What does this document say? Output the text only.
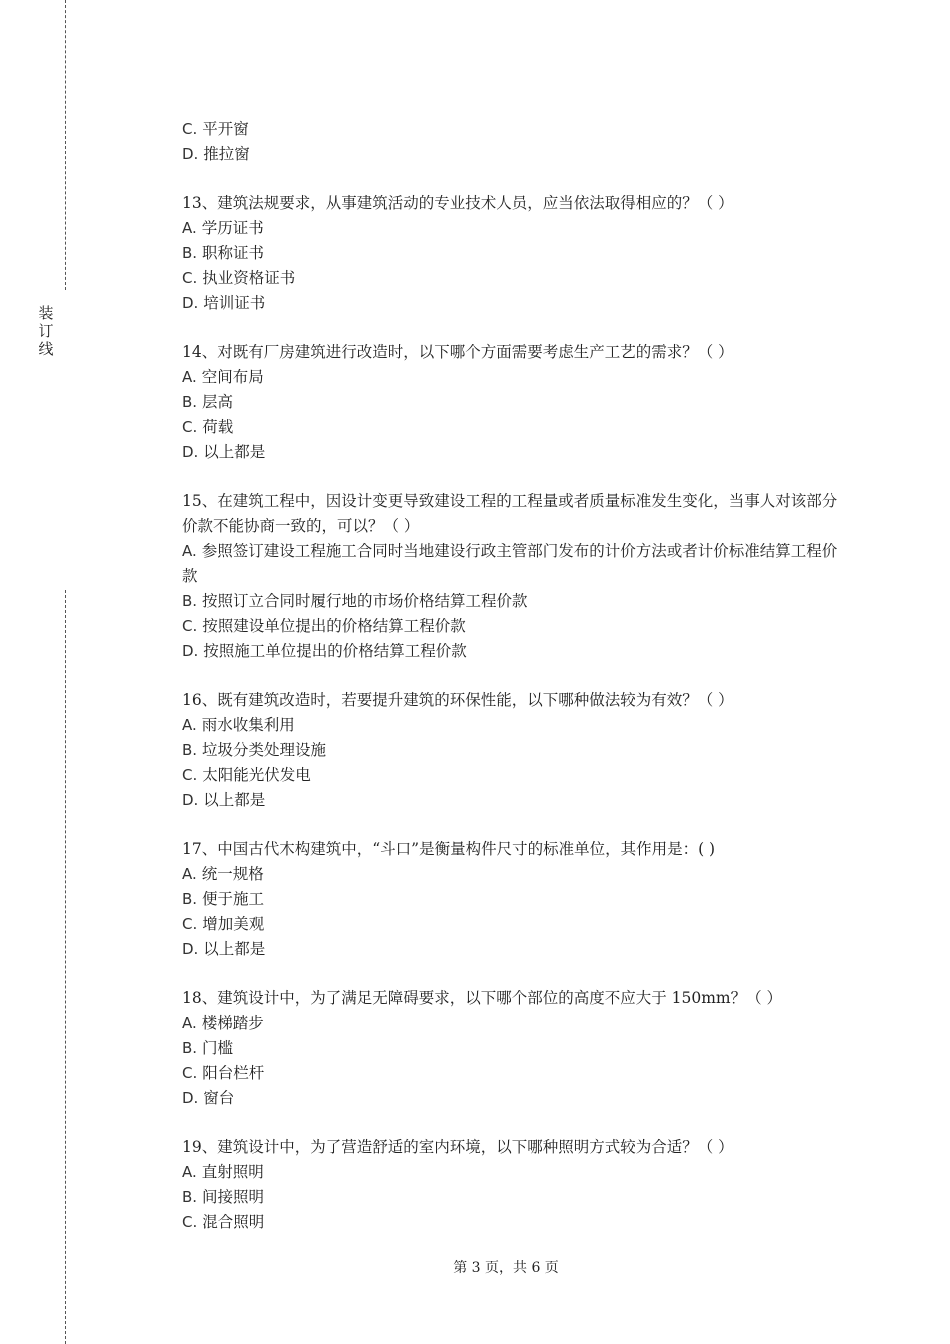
装
订
线
C. 平开窗
D. 推拉窗
13、建筑法规要求，从事建筑活动的专业技术人员，应当依法取得相应的？（ ）
A. 学历证书
B. 职称证书
C. 执业资格证书
D. 培训证书
14、对既有厂房建筑进行改造时，以下哪个方面需要考虑生产工艺的需求？（ ）
A. 空间布局
B. 层高
C. 荷载
D. 以上都是
15、在建筑工程中，因设计变更导致建设工程的工程量或者质量标准发生变化，当事人对该部分价款不能协商一致的，可以？（ ）
A. 参照签订建设工程施工合同时当地建设行政主管部门发布的计价方法或者计价标准结算工程价款
B. 按照订立合同时履行地的市场价格结算工程价款
C. 按照建设单位提出的价格结算工程价款
D. 按照施工单位提出的价格结算工程价款
16、既有建筑改造时，若要提升建筑的环保性能，以下哪种做法较为有效？（ ）
A. 雨水收集利用
B. 垃圾分类处理设施
C. 太阳能光伏发电
D. 以上都是
17、中国古代木构建筑中，“斗口”是衡量构件尺寸的标准单位，其作用是：( )
A. 统一规格
B. 便于施工
C. 增加美观
D. 以上都是
18、建筑设计中，为了满足无障碍要求，以下哪个部位的高度不应大于 150mm？（ ）
A. 楼梯踏步
B. 门槛
C. 阳台栏杆
D. 窗台
19、建筑设计中，为了营造舒适的室内环境，以下哪种照明方式较为合适？（ ）
A. 直射照明
B. 间接照明
C. 混合照明
第 3 页，共 6 页
